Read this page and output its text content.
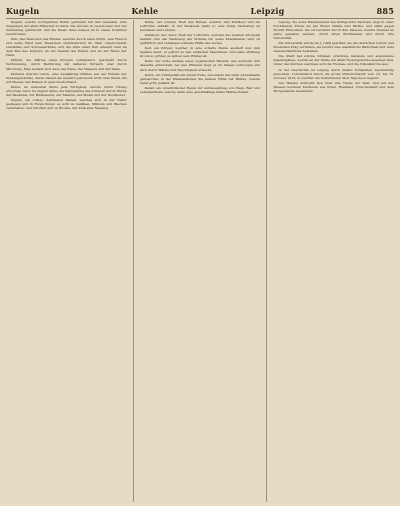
Kugeln	Kehle	Leipzig	885

Kugeln, welche vorzüglichen Ruhm gefunden mit den Gelenken, sind diejenigen der alten Ritterzeit zu Paris. Sie wurden zu Geschossen und zur Verzierung gebraucht, und die Weise ihres Gusses ist in vielen Schriften beschrieben.

Kuh, das Weibchen des Rindes, welches durch seine Milch, sein Fleisch und seine Haut dem Menschen unentbehrlich ist. Man unterscheidet Landkühe und Schweizerkühe, und die Güte einer Kuh erkennt man an dem Bau des Körpers, an der Gestalt des Euters und an der Farbe der Haut.

Kühlen, die Wärme eines Körpers vermindern, geschieht durch Verdunstung, durch Berührung mit kälteren Körpern oder durch Mischung. Man bedient sich dazu des Eises, des Wassers und der Salze.

Kümmel (Carum Carvi), eine zweijährige Pflanze aus der Familie der Doldengewächse, deren Samen als Gewürz gebraucht wird; man findet ihn auf Wiesen und Rainen in ganz Deutschland.

Kunst, im weitesten Sinne jede Fertigkeit, welche durch Übung erworben wird; im engern Sinne die Darstellung des Schönen durch Werke der Baukunst, der Bildhauerei, der Malerei, der Musik und der Dichtkunst.

Kupfer, ein rothes, dehnbares Metall, welches sich in der Natur gediegen und in Erzen findet; es wird zu Gefäßen, Münzen und Blechen verarbeitet, und mit Zinn gibt es Bronze, mit Zink aber Messing.

Kehle, der vordere Theil des Halses, welcher den Kehlkopf und die Luftröhre enthält; in der Baukunst heißt so eine hohle Vertiefung an Gesimsen und Leisten.

Kehlkopf, der obere Theil der Luftröhre, welcher aus mehren Knorpeln besteht und das Werkzeug der Stimme ist; seine Krankheiten sind oft gefährlich und verlangen schnelle Hülfe des Arztes.

Keil, ein Körper, welcher in eine scharfe Kante ausläuft und zum Spalten dient; er gehört zu den einfachen Maschinen, und seine Wirkung ist um so größer, je spitzer sein Winkel ist.

Keim, der erste Anfang eines organischen Wesens, aus welchem sich dasselbe entwickelt; bei den Pflanzen liegt er im Samen verborgen und wird durch Wärme und Feuchtigkeit erweckt.

Kelch, ein Trinkgefäß mit einem Fuße, besonders das beim Abendmahle gebrauchte; in der Pflanzenkunde die äußere Hülle der Blüthe, welche meist grün gefärbt ist.

Keller, ein unterirdischer Raum zur Aufbewahrung von Wein, Bier und Lebensmitteln, welche darin eine gleichmäßige kühle Wärme finden.

Leipzig, die erste Handelsstadt des Königreichs Sachsen, liegt in einer fruchtbaren Ebene an der Elster, Pleiße und Parthe, und zählt gegen 50,000 Einwohner. Sie ist berühmt durch ihre Messen, welche dreimal im Jahre gehalten werden, durch ihren Buchhandel und durch ihre Universität.

Die Universität wurde im J. 1409 gestiftet, als die deutschen Lehrer und Studenten Prag verließen; sie besitzt eine ansehnliche Bibliothek und viele wissenschaftliche Anstalten.

Die Stadt hat schöne Straßen, prächtige Gebäude und angenehme Spaziergänge, welche an der Stelle der alten Festungswerke angelegt sind. Unter den Kirchen zeichnen sich die Thomas- und die Nikolaikirche aus.

In der Geschichte ist Leipzig durch mehre Schlachten merkwürdig geworden, vornehmlich durch die große Völkerschlacht vom 16. bis 19. October 1813, in welcher die Verbündeten über Napoleon siegten.

Der Handel erstreckt sich über alle Theile der Welt, und auf den Messen kommen Kaufleute aus Polen, Russland, Griechenland und dem Morgenlande zusammen.
